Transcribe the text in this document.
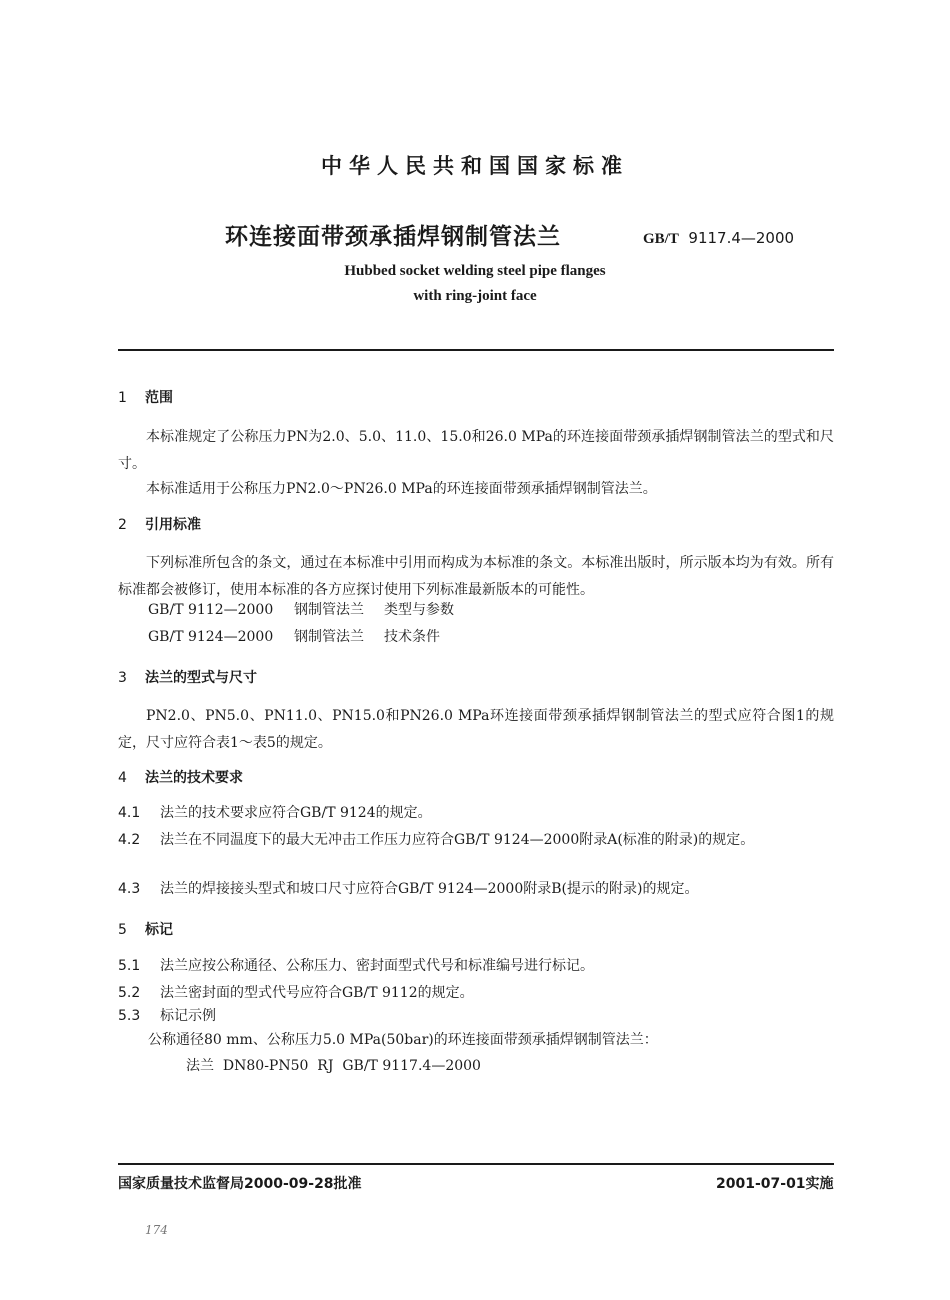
中华人民共和国国家标准
环连接面带颈承插焊钢制管法兰	GB/T 9117.4—2000
Hubbed socket welding steel pipe flanges
with ring-joint face
1 范围
本标准规定了公称压力PN为2.0、5.0、11.0、15.0和26.0 MPa的环连接面带颈承插焊钢制管法兰的型式和尺寸。
本标准适用于公称压力PN2.0～PN26.0 MPa的环连接面带颈承插焊钢制管法兰。
2 引用标准
下列标准所包含的条文，通过在本标准中引用而构成为本标准的条文。本标准出版时，所示版本均为有效。所有标准都会被修订，使用本标准的各方应探讨使用下列标准最新版本的可能性。
GB/T 9112—2000 钢制管法兰 类型与参数
GB/T 9124—2000 钢制管法兰 技术条件
3 法兰的型式与尺寸
PN2.0、PN5.0、PN11.0、PN15.0和PN26.0 MPa环连接面带颈承插焊钢制管法兰的型式应符合图1的规定，尺寸应符合表1～表5的规定。
4 法兰的技术要求
4.1 法兰的技术要求应符合GB/T 9124的规定。
4.2 法兰在不同温度下的最大无冲击工作压力应符合GB/T 9124—2000附录A(标准的附录)的规定。
4.3 法兰的焊接接头型式和坡口尺寸应符合GB/T 9124—2000附录B(提示的附录)的规定。
5 标记
5.1 法兰应按公称通径、公称压力、密封面型式代号和标准编号进行标记。
5.2 法兰密封面的型式代号应符合GB/T 9112的规定。
5.3 标记示例
公称通径80 mm、公称压力5.0 MPa(50bar)的环连接面带颈承插焊钢制管法兰：
法兰  DN80-PN50  RJ  GB/T 9117.4—2000
国家质量技术监督局2000-09-28批准	2001-07-01实施
174
